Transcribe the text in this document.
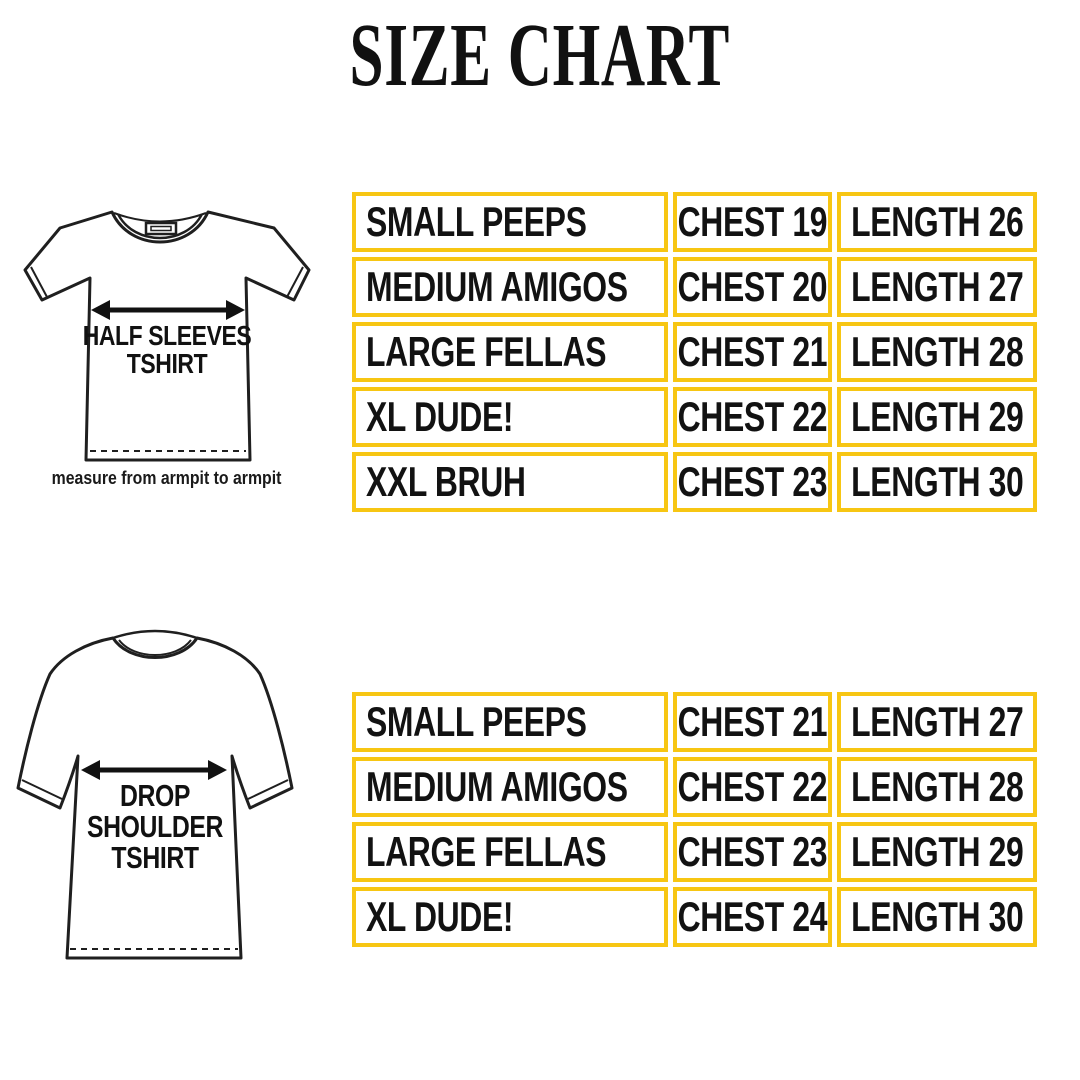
SIZE CHART
HALF SLEEVES
TSHIRT
measure from armpit to armpit
SMALL PEEPS CHEST 19 LENGTH 26
MEDIUM AMIGOS CHEST 20 LENGTH 27
LARGE FELLAS CHEST 21 LENGTH 28
XL DUDE!	CHEST 22 LENGTH 29
XXL BRUH	CHEST 23 LENGTH 30
DROP
SHOULDER
TSHIRT
SMALL PEEPS CHEST 21 LENGTH 27
MEDIUM AMIGOS CHEST 22 LENGTH 28
LARGE FELLAS CHEST 23 LENGTH 29
XL DUDE!	CHEST 24 LENGTH 30
